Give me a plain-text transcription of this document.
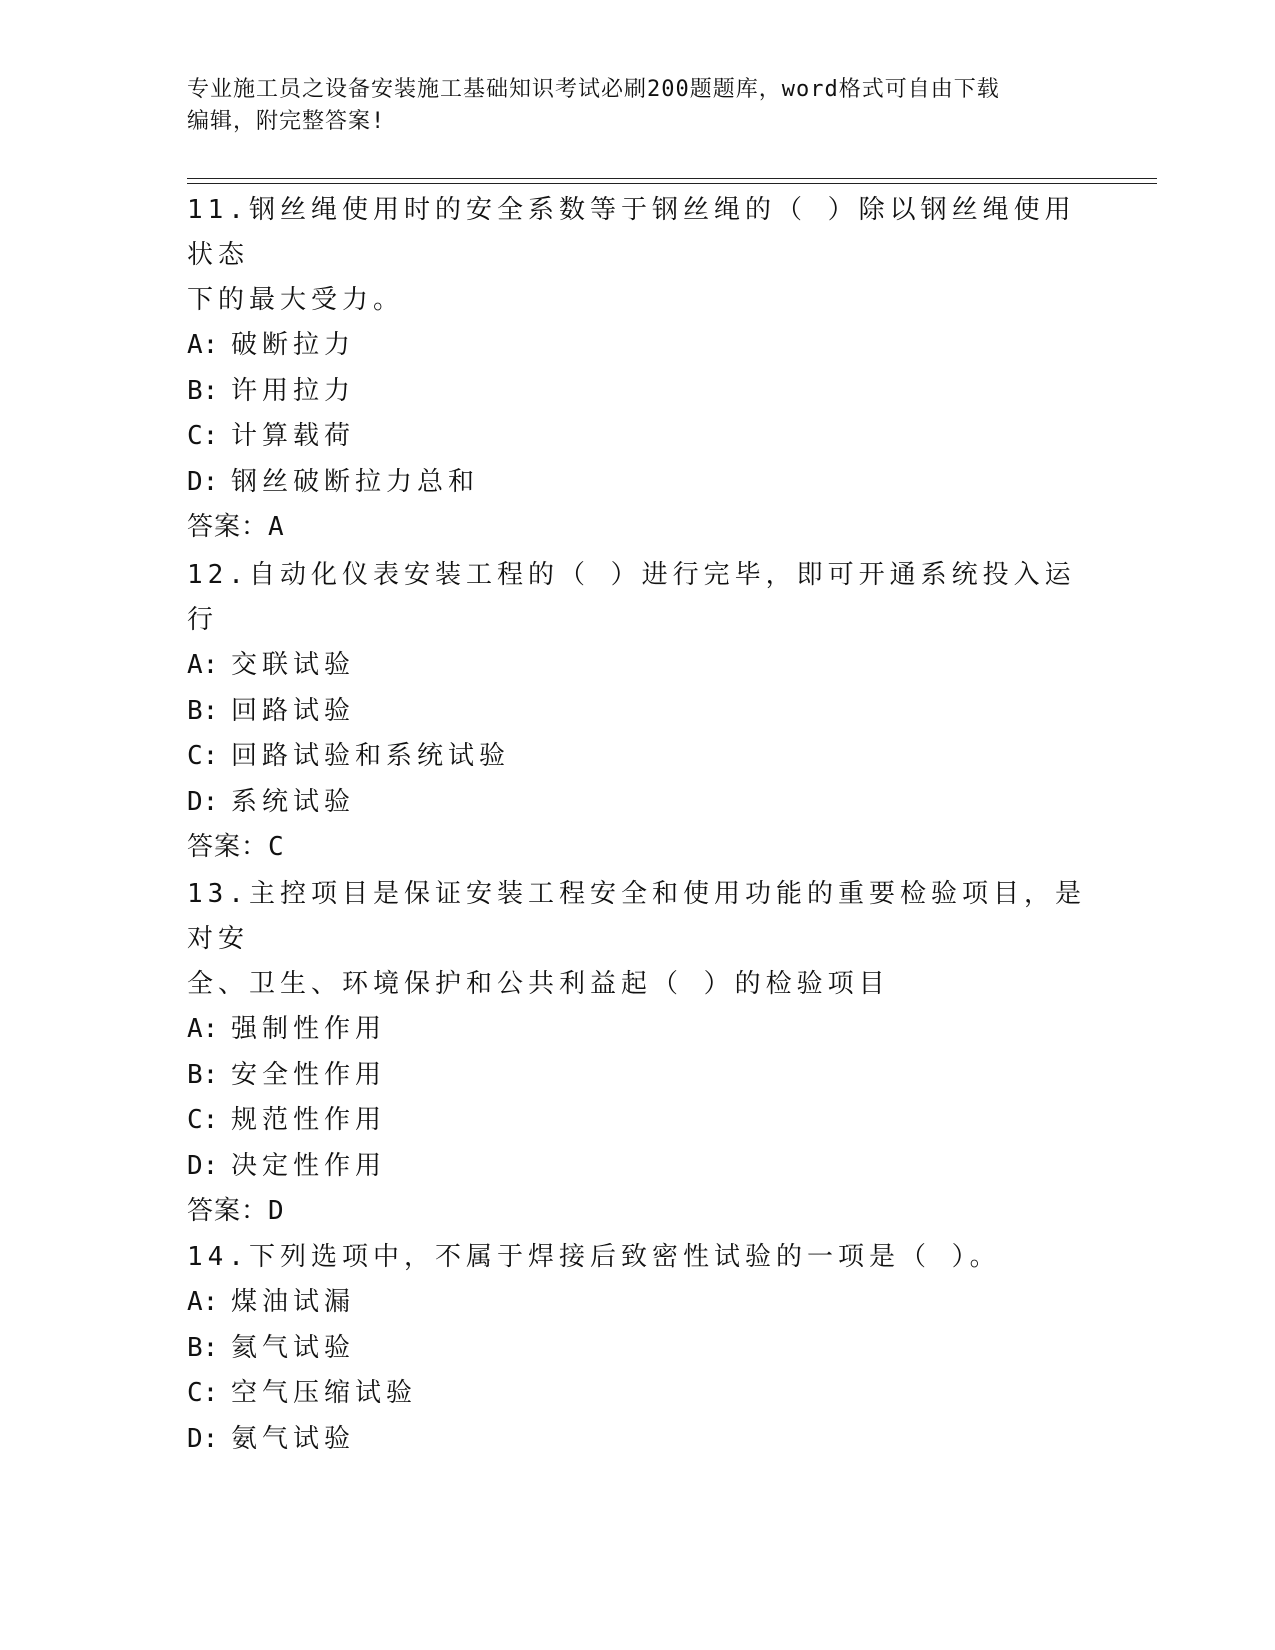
专业施工员之设备安装施工基础知识考试必刷200题题库，word格式可自由下载
编辑，附完整答案!

11.钢丝绳使用时的安全系数等于钢丝绳的（ ）除以钢丝绳使用状态

下的最大受力。

A: 破断拉力

B: 许用拉力

C: 计算载荷

D: 钢丝破断拉力总和

答案：A

12.自动化仪表安装工程的（ ）进行完毕，即可开通系统投入运行

A: 交联试验

B: 回路试验

C: 回路试验和系统试验

D: 系统试验

答案：C

13.主控项目是保证安装工程安全和使用功能的重要检验项目，是对安

全、卫生、环境保护和公共利益起（ ）的检验项目

A: 强制性作用

B: 安全性作用

C: 规范性作用

D: 决定性作用

答案：D

14.下列选项中，不属于焊接后致密性试验的一项是（ ）。

A: 煤油试漏

B: 氦气试验

C: 空气压缩试验

D: 氨气试验
